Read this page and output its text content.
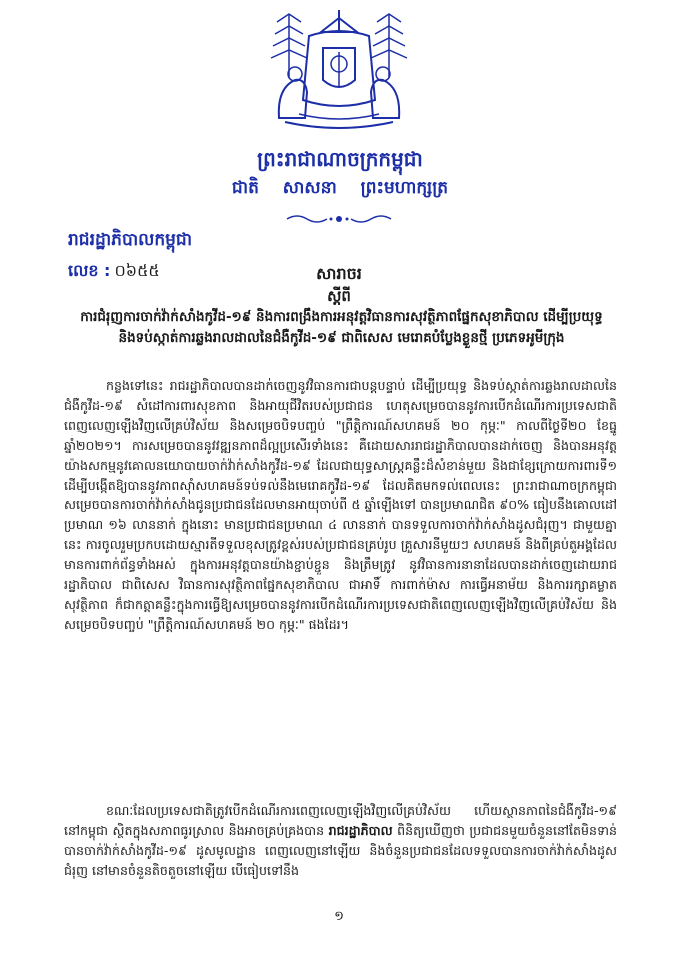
ព្រះរាជាណាចក្រកម្ពុជា
ជាតិ សាសនា ព្រះមហាក្សត្រ
រាជរដ្ឋាភិបាលកម្ពុជា
លេខ : ០៦៥៥	សារាចរ
ស្តីពី
ការជំរុញការចាក់វ៉ាក់សាំងកូវីដ-១៩ និងការពង្រឹងការអនុវត្តវិធានការសុវត្ថិភាពផ្នែកសុខាភិបាល ដើម្បីប្រយុទ្ធនិងទប់ស្កាត់ការឆ្លងរាលដាលនៃជំងឺកូវីដ-១៩ ជាពិសេស មេរោគបំប្លែងខ្លួនថ្មី ប្រភេទអូមីក្រុង
កន្លងទៅនេះ រាជរដ្ឋាភិបាលបានដាក់ចេញនូវវិធានការជាបន្តបន្ទាប់ ដើម្បីប្រយុទ្ធ និងទប់ស្កាត់ការឆ្លងរាលដាលនៃជំងឺកូវីដ-១៩ សំដៅការពារសុខភាព និងអាយុជីវិតរបស់ប្រជាជន ហេតុសម្រេចបាននូវការបើកដំណើរការប្រទេសជាតិពេញលេញឡើងវិញលើគ្រប់វិស័យ និងសម្រេចបិទបញ្ចប់ "ព្រឹត្តិការណ៍សហគមន៍ ២០ កុម្ភៈ" កាលពីថ្ងៃទី២០ ខែធ្នូ ឆ្នាំ២០២១។ ការសម្រេចបាននូវវឌ្ឍនភាពដ៏ល្អប្រសើរទាំងនេះ គឺដោយសាររាជរដ្ឋាភិបាលបានដាក់ចេញ និងបានអនុវត្តយ៉ាងសកម្មនូវគោលនយោបាយចាក់វ៉ាក់សាំងកូវីដ-១៩ ដែលជាយុទ្ធសាស្ត្រគន្លឹះដ៏សំខាន់មួយ និងជាខ្សែក្រោយការពារទី១ ដើម្បីបង្កើតឱ្យបាននូវភាពស៊ាំសហគមន៍ទប់ទល់នឹងមេរោគកូវីដ-១៩ ដែលគិតមកទល់ពេលនេះ ព្រះរាជាណាចក្រកម្ពុជាសម្រេចបានការចាក់វ៉ាក់សាំងជូនប្រជាជនដែលមានអាយុចាប់ពី ៥ ឆ្នាំឡើងទៅ បានប្រមាណជិត ៩០% ធៀបនឹងគោលដៅប្រមាណ ១៦ លាននាក់ ក្នុងនោះ មានប្រជាជនប្រមាណ ៤ លាននាក់ បានទទួលការចាក់វ៉ាក់សាំងដូសជំរុញ។ ជាមួយគ្នានេះ ការចូលរួមប្រកបដោយស្មារតីទទួលខុសត្រូវខ្ពស់របស់ប្រជាជនគ្រប់រូប គ្រួសារនីមួយៗ សហគមន៍ និងពីគ្រប់តួអង្គដែលមានការពាក់ព័ន្ធទាំងអស់ ក្នុងការអនុវត្តបានយ៉ាងខ្ជាប់ខ្ជួន និងត្រឹមត្រូវ នូវវិធានការនានាដែលបានដាក់ចេញដោយរាជរដ្ឋាភិបាល ជាពិសេស វិធានការសុវត្ថិភាពផ្នែកសុខាភិបាល ជាអាទិ៍ ការពាក់ម៉ាស ការធ្វើអនាម័យ និងការរក្សាគម្លាតសុវត្ថិភាព ក៏ជាកត្តាគន្លឹះក្នុងការធ្វើឱ្យសម្រេចបាននូវការបើកដំណើរការប្រទេសជាតិពេញលេញឡើងវិញលើគ្រប់វិស័យ និងសម្រេចបិទបញ្ចប់ "ព្រឹត្តិការណ៍សហគមន៍ ២០ កុម្ភៈ" ផងដែរ។
ខណៈដែលប្រទេសជាតិត្រូវបើកដំណើរការពេញលេញឡើងវិញលើគ្រប់វិស័យ ហើយស្ថានភាពនៃជំងឺកូវីដ-១៩ នៅកម្ពុជា ស្ថិតក្នុងសភាពធូរស្រាល និងអាចគ្រប់គ្រងបាន រាជរដ្ឋាភិបាល ពិនិត្យឃើញថា ប្រជាជនមួយចំនួននៅតែមិនទាន់បានចាក់វ៉ាក់សាំងកូវីដ-១៩ ដូសមូលដ្ឋាន ពេញលេញនៅឡើយ និងចំនួនប្រជាជនដែលទទួលបានការចាក់វ៉ាក់សាំងដូសជំរុញ នៅមានចំនួនតិចតួចនៅឡើយ បើធៀបទៅនឹង
១
